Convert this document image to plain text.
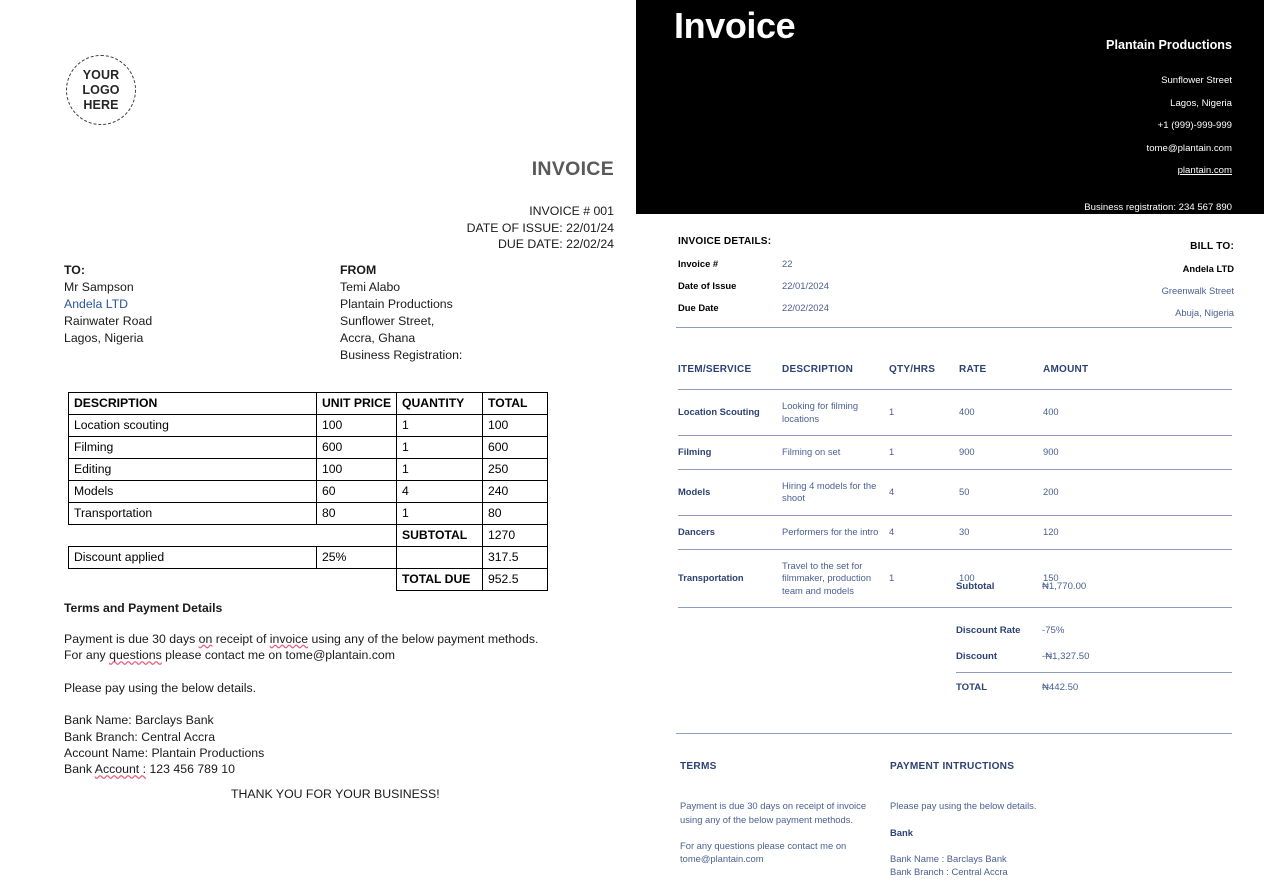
YOUR
LOGO
HERE
INVOICE
INVOICE # 001
DATE OF ISSUE: 22/01/24
DUE DATE: 22/02/24
TO:
Mr Sampson
Andela LTD
Rainwater Road
Lagos, Nigeria
FROM
Temi Alabo
Plantain Productions
Sunflower Street,
Accra, Ghana
Business Registration:
DESCRIPTION	UNIT PRICE	QUANTITY	TOTAL
Location scouting	100	1	100
Filming	600	1	600
Editing	100	1	250
Models	60	4	240
Transportation	80	1	80
		SUBTOTAL	1270
Discount applied	25%		317.5
		TOTAL DUE	952.5
Terms and Payment Details

Payment is due 30 days on receipt of invoice using any of the below payment methods.
For any questions please contact me on tome@plantain.com

Please pay using the below details.

Bank Name: Barclays Bank
Bank Branch: Central Accra
Account Name: Plantain Productions
Bank Account : 123 456 789 10

THANK YOU FOR YOUR BUSINESS!
Invoice	Plantain Productions
Sunflower Street
Lagos, Nigeria
+1 (999)-999-999
tome@plantain.com
plantain.com
Business registration: 234 567 890
INVOICE DETAILS:
Invoice #	22
Date of Issue	22/01/2024
Due Date	22/02/2024
BILL TO:
Andela LTD
Greenwalk Street
Abuja, Nigeria
ITEM/SERVICE	DESCRIPTION	QTY/HRS	RATE	AMOUNT
Location Scouting	Looking for filming locations	1	400	400
Filming	Filming on set	1	900	900
Models	Hiring 4 models for the shoot	4	50	200
Dancers	Performers for the intro	4	30	120
Transportation	Travel to the set for filmmaker, production team and models	1	100	150
Subtotal	₦1,770.00
Discount Rate	-75%
Discount	-₦1,327.50
TOTAL	₦442.50
TERMS

Payment is due 30 days on receipt of invoice using any of the below payment methods.

For any questions please contact me on tome@plantain.com

PAYMENT INTRUCTIONS

Please pay using the below details.

Bank

Bank Name : Barclays Bank
Bank Branch : Central Accra
